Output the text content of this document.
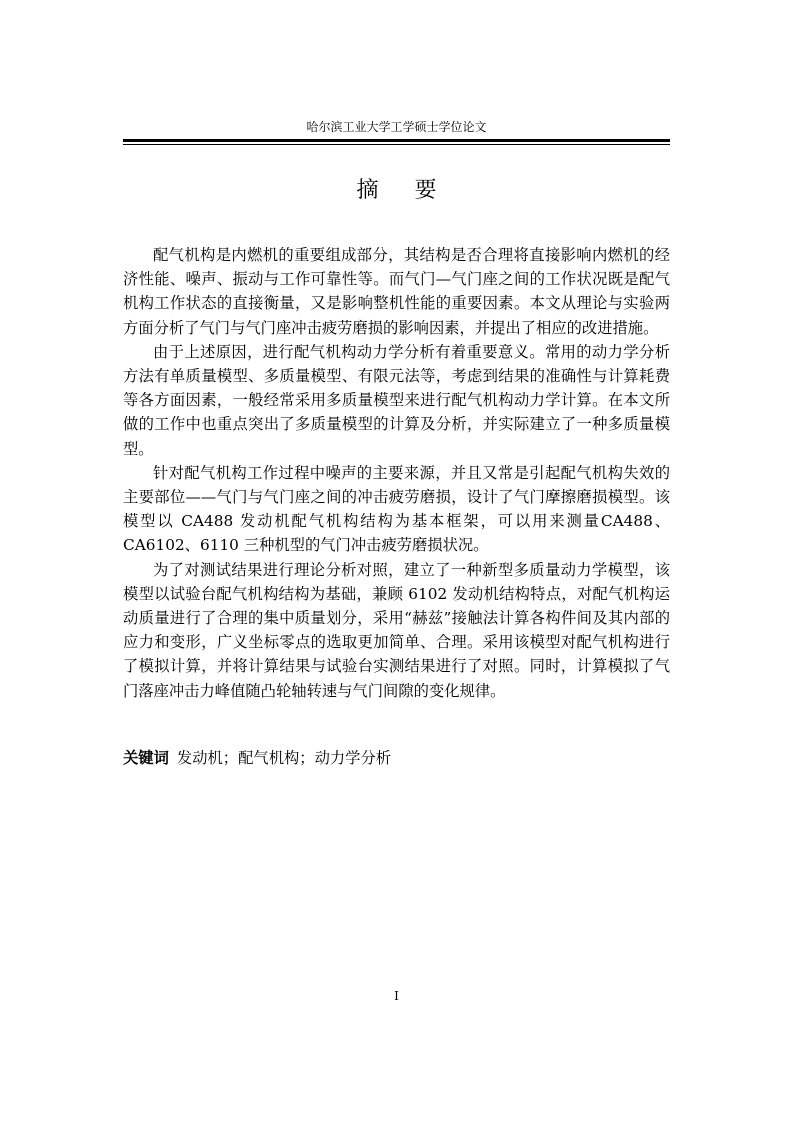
哈尔滨工业大学工学硕士学位论文
摘要

配气机构是内燃机的重要组成部分，其结构是否合理将直接影响内燃机的经济性能、噪声、振动与工作可靠性等。而气门—气门座之间的工作状况既是配气机构工作状态的直接衡量，又是影响整机性能的重要因素。本文从理论与实验两方面分析了气门与气门座冲击疲劳磨损的影响因素，并提出了相应的改进措施。

由于上述原因，进行配气机构动力学分析有着重要意义。常用的动力学分析方法有单质量模型、多质量模型、有限元法等，考虑到结果的准确性与计算耗费等各方面因素，一般经常采用多质量模型来进行配气机构动力学计算。在本文所做的工作中也重点突出了多质量模型的计算及分析，并实际建立了一种多质量模型。

针对配气机构工作过程中噪声的主要来源，并且又常是引起配气机构失效的主要部位——气门与气门座之间的冲击疲劳磨损，设计了气门摩擦磨损模型。该模型以 CA488 发动机配气机构结构为基本框架，可以用来测量CA488、CA6102、6110 三种机型的气门冲击疲劳磨损状况。

为了对测试结果进行理论分析对照，建立了一种新型多质量动力学模型，该模型以试验台配气机构结构为基础，兼顾 6102 发动机结构特点，对配气机构运动质量进行了合理的集中质量划分，采用“赫兹”接触法计算各构件间及其内部的应力和变形，广义坐标零点的选取更加简单、合理。采用该模型对配气机构进行了模拟计算，并将计算结果与试验台实测结果进行了对照。同时，计算模拟了气门落座冲击力峰值随凸轮轴转速与气门间隙的变化规律。

关键词 发动机；配气机构；动力学分析
I
